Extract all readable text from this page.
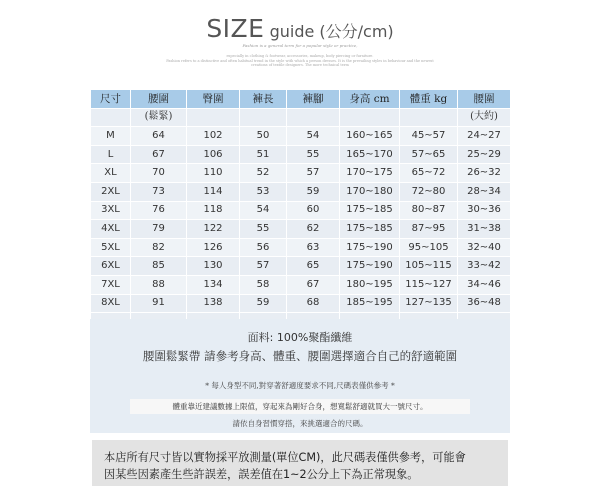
SIZE guide (公分/cm)
Fashion is a general term for a popular style or practice,
especially in clothing & footwear, accessories, makeup, body piercing or furniture.
Fashion refers to a distinctive and often habitual trend in the style with which a person dresses. It is the prevailing styles in behaviour and the newest
creations of textile designers. The more technical term
尺寸	腰圍	臀圍	褲長	褲腳	身高 cm	體重 kg	腰圍
	(鬆緊)						(大約)
M	64	102	50	54	160~165	45~57	24~27
L	67	106	51	55	165~170	57~65	25~29
XL	70	110	52	57	170~175	65~72	26~32
2XL	73	114	53	59	170~180	72~80	28~34
3XL	76	118	54	60	175~185	80~87	30~36
4XL	79	122	55	62	175~185	87~95	31~38
5XL	82	126	56	63	175~190	95~105	32~40
6XL	85	130	57	65	175~190	105~115	33~42
7XL	88	134	58	67	180~195	115~127	34~46
8XL	91	138	59	68	185~195	127~135	36~48

面料: 100%聚酯纖維
腰圍鬆緊帶 請參考身高、體重、腰圍選擇適合自己的舒適範圍
* 每人身型不同,對穿著舒適度要求不同,尺碼表僅供參考 *
體重靠近建議數據上限值，穿起來為剛好合身，想寬鬆舒適就買大一號尺寸。
請依自身習慣穿搭，來挑選適合的尺碼。
本店所有尺寸皆以實物採平放測量(單位CM)，此尺碼表僅供參考，可能會
因某些因素產生些許誤差，誤差值在1~2公分上下為正常現象。
